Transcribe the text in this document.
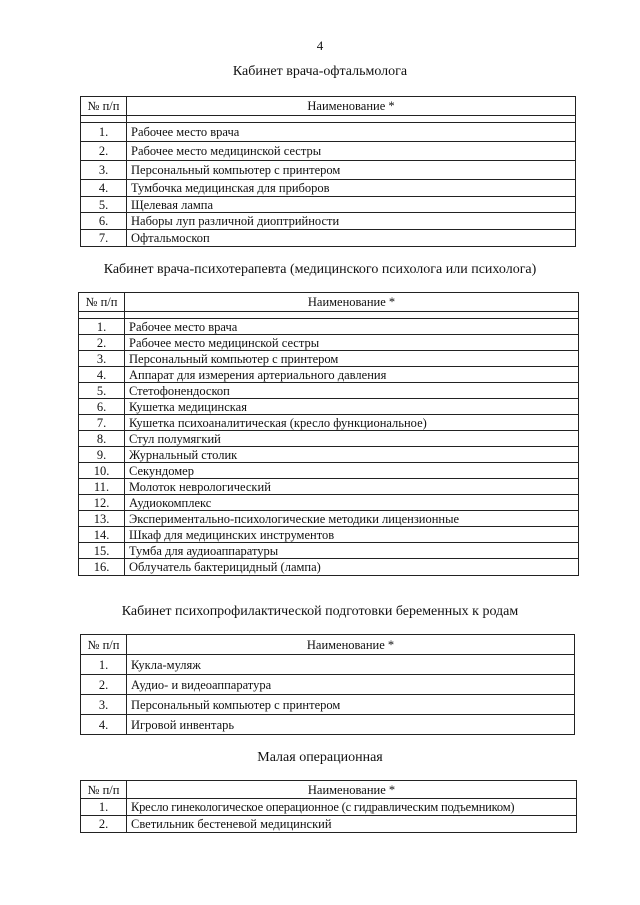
4
Кабинет врача-офтальмолога
№ п/п	Наименование *

1.	Рабочее место врача
2.	Рабочее место медицинской сестры
3.	Персональный компьютер с принтером
4.	Тумбочка медицинская для приборов
5.	Щелевая лампа
6.	Наборы луп различной диоптрийности
7.	Офтальмоскоп
Кабинет врача-психотерапевта (медицинского психолога или психолога)
№ п/п	Наименование *

1.	Рабочее место врача
2.	Рабочее место медицинской сестры
3.	Персональный компьютер с принтером
4.	Аппарат для измерения артериального давления
5.	Стетофонендоскоп
6.	Кушетка медицинская
7.	Кушетка психоаналитическая (кресло функциональное)
8.	Стул полумягкий
9.	Журнальный столик
10.	Секундомер
11.	Молоток неврологический
12.	Аудиокомплекс
13.	Экспериментально-психологические методики лицензионные
14.	Шкаф для медицинских инструментов
15.	Тумба для аудиоаппаратуры
16.	Облучатель бактерицидный (лампа)
Кабинет психопрофилактической подготовки беременных к родам
№ п/п	Наименование *
1.	Кукла-муляж
2.	Аудио- и видеоаппаратура
3.	Персональный компьютер с принтером
4.	Игровой инвентарь
Малая операционная
№ п/п	Наименование *
1.	Кресло гинекологическое операционное (с гидравлическим подъемником)
2.	Светильник бестеневой медицинский
